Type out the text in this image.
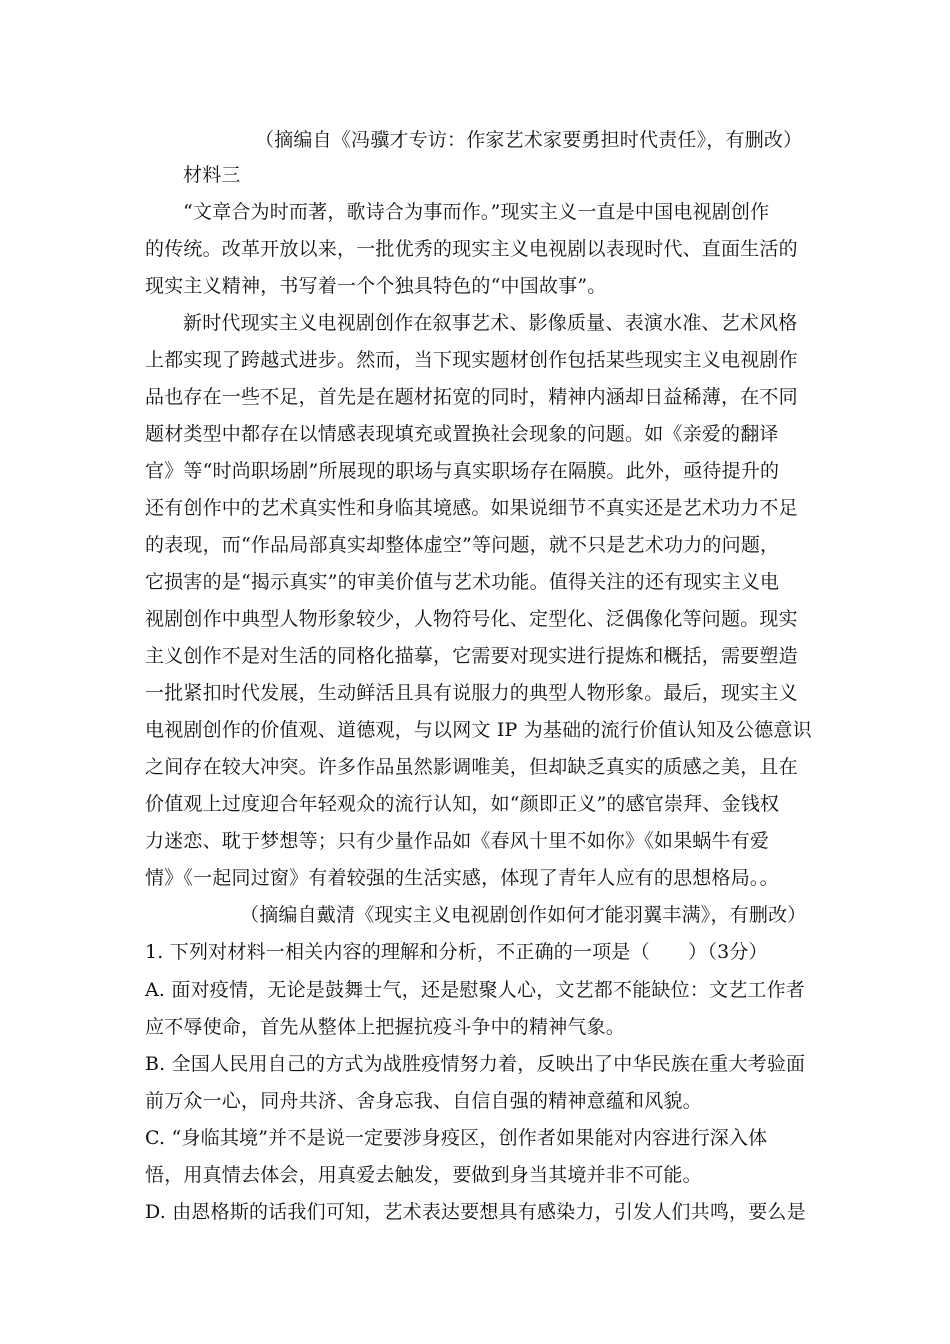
（摘编自《冯骥才专访：作家艺术家要勇担时代责任》，有删改）
材料三
“文章合为时而著，歌诗合为事而作。”现实主义一直是中国电视剧创作
的传统。改革开放以来，一批优秀的现实主义电视剧以表现时代、直面生活的
现实主义精神，书写着一个个独具特色的“中国故事”。
新时代现实主义电视剧创作在叙事艺术、影像质量、表演水准、艺术风格
上都实现了跨越式进步。然而，当下现实题材创作包括某些现实主义电视剧作
品也存在一些不足，首先是在题材拓宽的同时，精神内涵却日益稀薄，在不同
题材类型中都存在以情感表现填充或置换社会现象的问题。如《亲爱的翻译
官》等“时尚职场剧”所展现的职场与真实职场存在隔膜。此外，亟待提升的
还有创作中的艺术真实性和身临其境感。如果说细节不真实还是艺术功力不足
的表现，而“作品局部真实却整体虚空”等问题，就不只是艺术功力的问题，
它损害的是“揭示真实”的审美价值与艺术功能。值得关注的还有现实主义电
视剧创作中典型人物形象较少，人物符号化、定型化、泛偶像化等问题。现实
主义创作不是对生活的同格化描摹，它需要对现实进行提炼和概括，需要塑造
一批紧扣时代发展，生动鲜活且具有说服力的典型人物形象。最后，现实主义
电视剧创作的价值观、道德观，与以网文 IP 为基础的流行价值认知及公德意识
之间存在较大冲突。许多作品虽然影调唯美，但却缺乏真实的质感之美，且在
价值观上过度迎合年轻观众的流行认知，如“颜即正义”的感官崇拜、金钱权
力迷恋、耽于梦想等；只有少量作品如《春风十里不如你》《如果蜗牛有爱
情》《一起同过窗》有着较强的生活实感，体现了青年人应有的思想格局。。
（摘编自戴清《现实主义电视剧创作如何才能羽翼丰满》，有删改）
1. 下列对材料一相关内容的理解和分析，不正确的一项是（　　）（3分）
A. 面对疫情，无论是鼓舞士气，还是慰聚人心，文艺都不能缺位：文艺工作者
应不辱使命，首先从整体上把握抗疫斗争中的精神气象。
B. 全国人民用自己的方式为战胜疫情努力着，反映出了中华民族在重大考验面
前万众一心，同舟共济、舍身忘我、自信自强的精神意蕴和风貌。
C. “身临其境”并不是说一定要涉身疫区，创作者如果能对内容进行深入体
悟，用真情去体会，用真爱去触发，要做到身当其境并非不可能。
D. 由恩格斯的话我们可知，艺术表达要想具有感染力，引发人们共鸣，要么是
